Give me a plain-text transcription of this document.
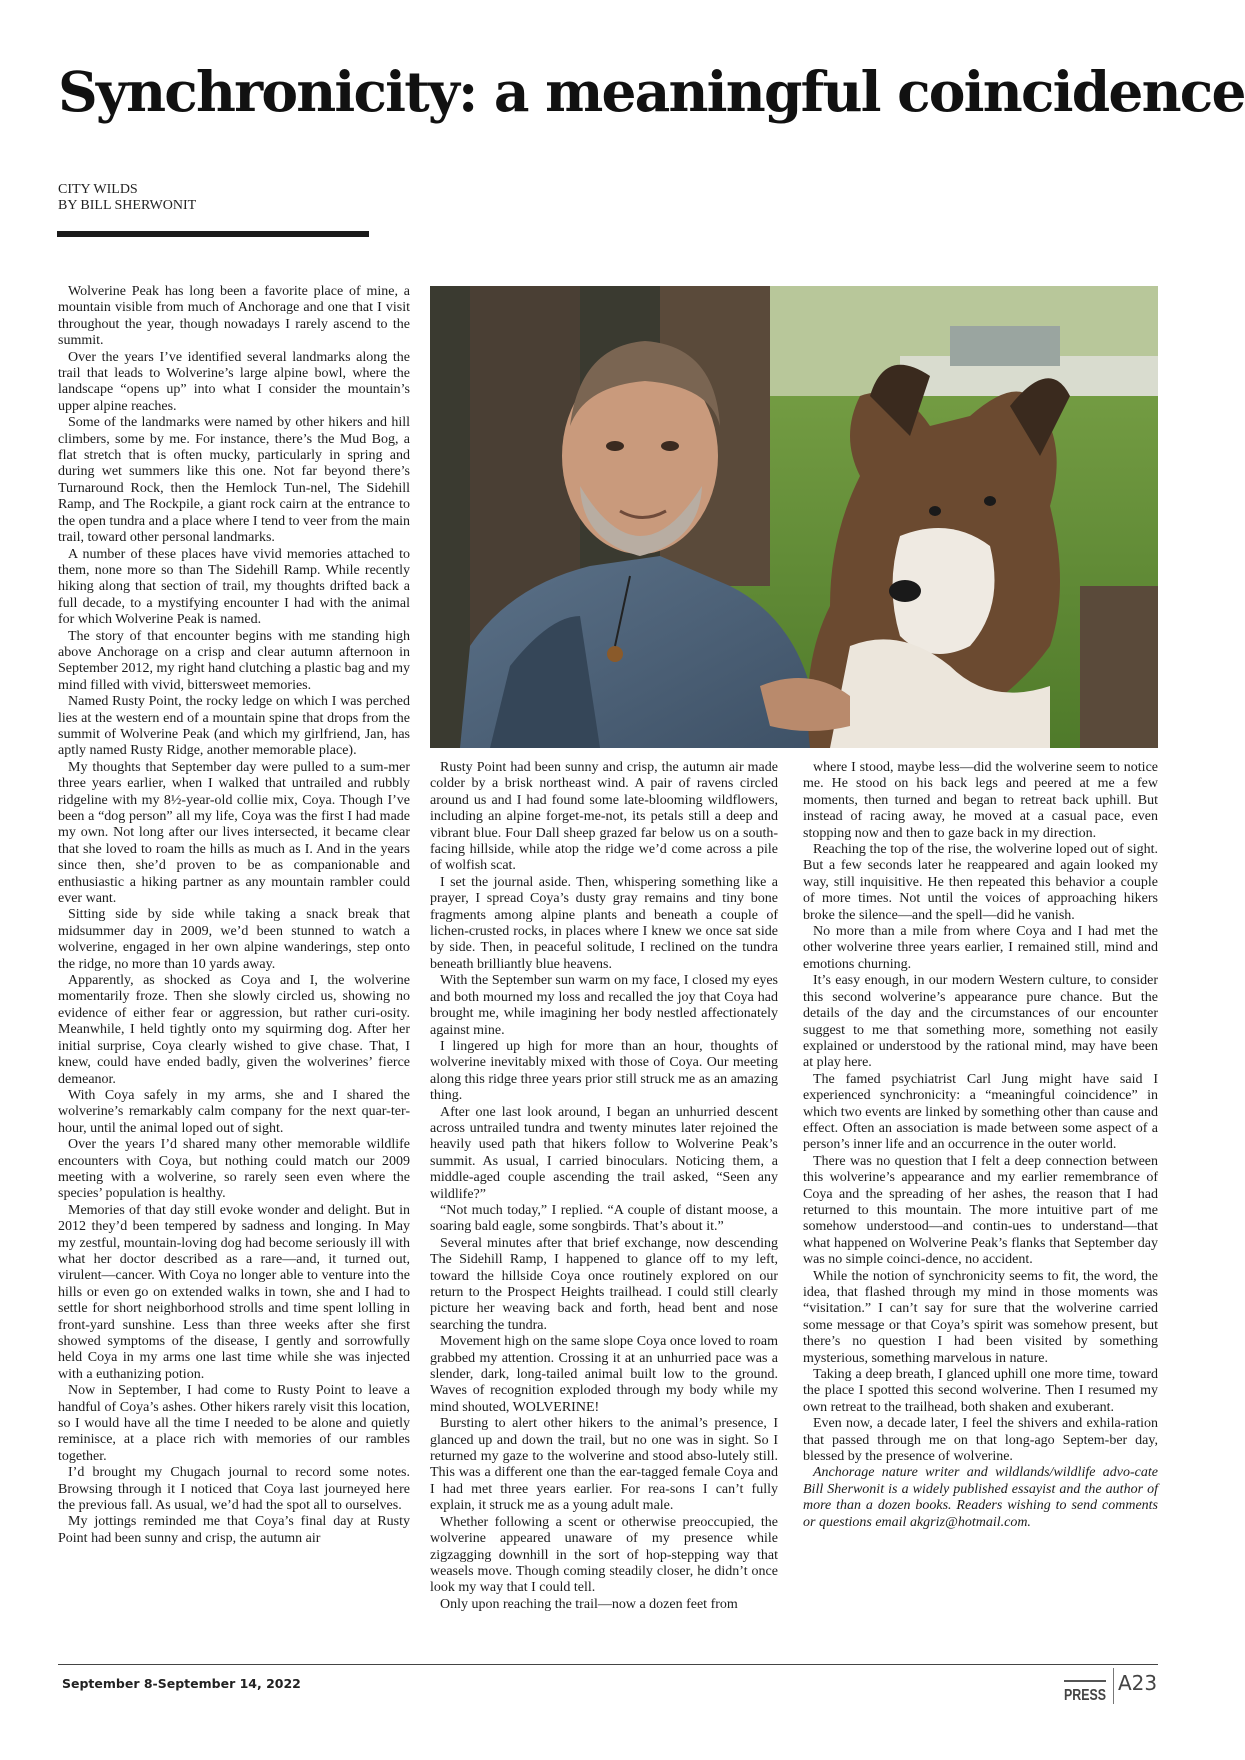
Synchronicity: a meaningful coincidence
CITY WILDS
BY BILL SHERWONIT

Wolverine Peak has long been a favorite place of mine, a mountain visible from much of Anchorage and one that I visit throughout the year, though nowadays I rarely ascend to the summit.

Over the years I’ve identified several landmarks along the trail that leads to Wolverine’s large alpine bowl, where the landscape “opens up” into what I consider the mountain’s upper alpine reaches.

Some of the landmarks were named by other hikers and hill climbers, some by me. For instance, there’s the Mud Bog, a flat stretch that is often mucky, particularly in spring and during wet summers like this one. Not far beyond there’s Turnaround Rock, then the Hemlock Tun-nel, The Sidehill Ramp, and The Rockpile, a giant rock cairn at the entrance to the open tundra and a place where I tend to veer from the main trail, toward other personal landmarks.

A number of these places have vivid memories attached to them, none more so than The Sidehill Ramp. While recently hiking along that section of trail, my thoughts drifted back a full decade, to a mystifying encounter I had with the animal for which Wolverine Peak is named.

The story of that encounter begins with me standing high above Anchorage on a crisp and clear autumn afternoon in September 2012, my right hand clutching a plastic bag and my mind filled with vivid, bittersweet memories.

Named Rusty Point, the rocky ledge on which I was perched lies at the western end of a mountain spine that drops from the summit of Wolverine Peak (and which my girlfriend, Jan, has aptly named Rusty Ridge, another memorable place).

My thoughts that September day were pulled to a sum-mer three years earlier, when I walked that untrailed and rubbly ridgeline with my 8½-year-old collie mix, Coya. Though I’ve been a “dog person” all my life, Coya was the first I had made my own. Not long after our lives intersected, it became clear that she loved to roam the hills as much as I. And in the years since then, she’d proven to be as companionable and enthusiastic a hiking partner as any mountain rambler could ever want.

Sitting side by side while taking a snack break that midsummer day in 2009, we’d been stunned to watch a wolverine, engaged in her own alpine wanderings, step onto the ridge, no more than 10 yards away.

Apparently, as shocked as Coya and I, the wolverine momentarily froze. Then she slowly circled us, showing no evidence of either fear or aggression, but rather curi-osity. Meanwhile, I held tightly onto my squirming dog. After her initial surprise, Coya clearly wished to give chase. That, I knew, could have ended badly, given the wolverines’ fierce demeanor.

With Coya safely in my arms, she and I shared the wolverine’s remarkably calm company for the next quar-ter-hour, until the animal loped out of sight.

Over the years I’d shared many other memorable wildlife encounters with Coya, but nothing could match our 2009 meeting with a wolverine, so rarely seen even where the species’ population is healthy.

Memories of that day still evoke wonder and delight. But in 2012 they’d been tempered by sadness and longing. In May my zestful, mountain-loving dog had become seriously ill with what her doctor described as a rare—and, it turned out, virulent—cancer. With Coya no longer able to venture into the hills or even go on extended walks in town, she and I had to settle for short neighborhood strolls and time spent lolling in front-yard sunshine. Less than three weeks after she first showed symptoms of the disease, I gently and sorrowfully held Coya in my arms one last time while she was injected with a euthanizing potion.

Now in September, I had come to Rusty Point to leave a handful of Coya’s ashes. Other hikers rarely visit this location, so I would have all the time I needed to be alone and quietly reminisce, at a place rich with memories of our rambles together.

I’d brought my Chugach journal to record some notes. Browsing through it I noticed that Coya last journeyed here the previous fall. As usual, we’d had the spot all to ourselves.

My jottings reminded me that Coya’s final day at Rusty Point had been sunny and crisp, the autumn air

Rusty Point had been sunny and crisp, the autumn air made colder by a brisk northeast wind. A pair of ravens circled around us and I had found some late-blooming wildflowers, including an alpine forget-me-not, its petals still a deep and vibrant blue. Four Dall sheep grazed far below us on a south-facing hillside, while atop the ridge we’d come across a pile of wolfish scat.

I set the journal aside. Then, whispering something like a prayer, I spread Coya’s dusty gray remains and tiny bone fragments among alpine plants and beneath a couple of lichen-crusted rocks, in places where I knew we once sat side by side. Then, in peaceful solitude, I reclined on the tundra beneath brilliantly blue heavens.

With the September sun warm on my face, I closed my eyes and both mourned my loss and recalled the joy that Coya had brought me, while imagining her body nestled affectionately against mine.

I lingered up high for more than an hour, thoughts of wolverine inevitably mixed with those of Coya. Our meeting along this ridge three years prior still struck me as an amazing thing.

After one last look around, I began an unhurried descent across untrailed tundra and twenty minutes later rejoined the heavily used path that hikers follow to Wolverine Peak’s summit. As usual, I carried binoculars. Noticing them, a middle-aged couple ascending the trail asked, “Seen any wildlife?”

“Not much today,” I replied. “A couple of distant moose, a soaring bald eagle, some songbirds. That’s about it.”

Several minutes after that brief exchange, now descending The Sidehill Ramp, I happened to glance off to my left, toward the hillside Coya once routinely explored on our return to the Prospect Heights trailhead. I could still clearly picture her weaving back and forth, head bent and nose searching the tundra.

Movement high on the same slope Coya once loved to roam grabbed my attention. Crossing it at an unhurried pace was a slender, dark, long-tailed animal built low to the ground. Waves of recognition exploded through my body while my mind shouted, WOLVERINE!

Bursting to alert other hikers to the animal’s presence, I glanced up and down the trail, but no one was in sight. So I returned my gaze to the wolverine and stood abso-lutely still. This was a different one than the ear-tagged female Coya and I had met three years earlier. For rea-sons I can’t fully explain, it struck me as a young adult male.

Whether following a scent or otherwise preoccupied, the wolverine appeared unaware of my presence while zigzagging downhill in the sort of hop-stepping way that weasels move. Though coming steadily closer, he didn’t once look my way that I could tell.

Only upon reaching the trail—now a dozen feet from

where I stood, maybe less—did the wolverine seem to notice me. He stood on his back legs and peered at me a few moments, then turned and began to retreat back uphill. But instead of racing away, he moved at a casual pace, even stopping now and then to gaze back in my direction.

Reaching the top of the rise, the wolverine loped out of sight. But a few seconds later he reappeared and again looked my way, still inquisitive. He then repeated this behavior a couple of more times. Not until the voices of approaching hikers broke the silence—and the spell—did he vanish.

No more than a mile from where Coya and I had met the other wolverine three years earlier, I remained still, mind and emotions churning.

It’s easy enough, in our modern Western culture, to consider this second wolverine’s appearance pure chance. But the details of the day and the circumstances of our encounter suggest to me that something more, something not easily explained or understood by the rational mind, may have been at play here.

The famed psychiatrist Carl Jung might have said I experienced synchronicity: a “meaningful coincidence” in which two events are linked by something other than cause and effect. Often an association is made between some aspect of a person’s inner life and an occurrence in the outer world.

There was no question that I felt a deep connection between this wolverine’s appearance and my earlier remembrance of Coya and the spreading of her ashes, the reason that I had returned to this mountain. The more intuitive part of me somehow understood—and contin-ues to understand—that what happened on Wolverine Peak’s flanks that September day was no simple coinci-dence, no accident.

While the notion of synchronicity seems to fit, the word, the idea, that flashed through my mind in those moments was “visitation.” I can’t say for sure that the wolverine carried some message or that Coya’s spirit was somehow present, but there’s no question I had been visited by something mysterious, something marvelous in nature.

Taking a deep breath, I glanced uphill one more time, toward the place I spotted this second wolverine. Then I resumed my own retreat to the trailhead, both shaken and exuberant.

Even now, a decade later, I feel the shivers and exhila-ration that passed through me on that long-ago Septem-ber day, blessed by the presence of wolverine.

Anchorage nature writer and wildlands/wildlife advo-cate Bill Sherwonit is a widely published essayist and the author of more than a dozen books. Readers wishing to send comments or questions email akgriz@hotmail.com.

September 8-September 14, 2022
PRESS
A23
